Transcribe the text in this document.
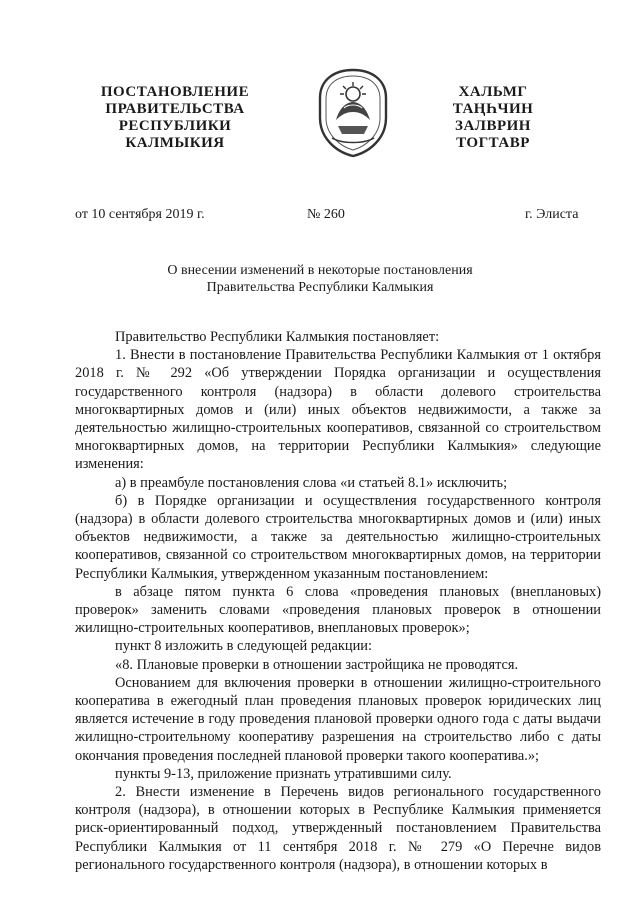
ПОСТАНОВЛЕНИЕ
ПРАВИТЕЛЬСТВА
РЕСПУБЛИКИ
КАЛМЫКИЯ
ХАЛЬМГ
ТАҢҺЧИН
ЗАЛВРИН
ТОГТАВР
от 10 сентября 2019 г.	№ 260	г. Элиста
О внесении изменений в некоторые постановления
Правительства Республики Калмыкия

Правительство Республики Калмыкия постановляет:

1. Внести в постановление Правительства Республики Калмыкия от 1 октября 2018 г. № 292 «Об утверждении Порядка организации и осуществления государственного контроля (надзора) в области долевого строительства многоквартирных домов и (или) иных объектов недвижимости, а также за деятельностью жилищно-строительных кооперативов, связанной со строительством многоквартирных домов, на территории Республики Калмыкия» следующие изменения:

а) в преамбуле постановления слова «и статьей 8.1» исключить;

б) в Порядке организации и осуществления государственного контроля (надзора) в области долевого строительства многоквартирных домов и (или) иных объектов недвижимости, а также за деятельностью жилищно-строительных кооперативов, связанной со строительством многоквартирных домов, на территории Республики Калмыкия, утвержденном указанным постановлением:

в абзаце пятом пункта 6 слова «проведения плановых (внеплановых) проверок» заменить словами «проведения плановых проверок в отношении жилищно-строительных кооперативов, внеплановых проверок»;

пункт 8 изложить в следующей редакции:

«8. Плановые проверки в отношении застройщика не проводятся.

Основанием для включения проверки в отношении жилищно-строительного кооператива в ежегодный план проведения плановых проверок юридических лиц является истечение в году проведения плановой проверки одного года с даты выдачи жилищно-строительному кооперативу разрешения на строительство либо с даты окончания проведения последней плановой проверки такого кооператива.»;

пункты 9-13, приложение признать утратившими силу.

2. Внести изменение в Перечень видов регионального государственного контроля (надзора), в отношении которых в Республике Калмыкия применяется риск-ориентированный подход, утвержденный постановлением Правительства Республики Калмыкия от 11 сентября 2018 г. № 279 «О Перечне видов регионального государственного контроля (надзора), в отношении которых в
